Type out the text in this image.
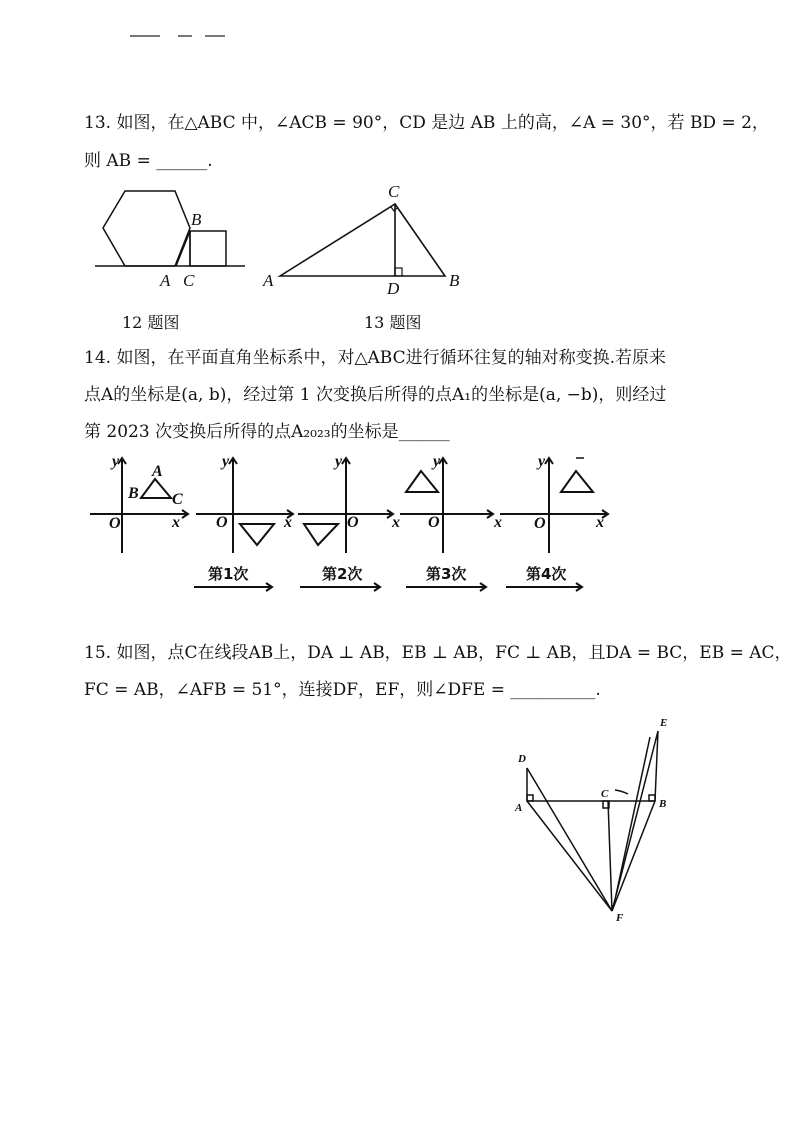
13. 如图，在△ABC 中，∠ACB = 90°，CD 是边 AB 上的高，∠A = 30°，若 BD = 2，
则 AB = ______.
B
A C
12 题图
C
A	D	B
13 题图
14. 如图，在平面直角坐标系中，对△ABC进行循环往复的轴对称变换.若原来
点A的坐标是(a, b)，经过第 1 次变换后所得的点A₁的坐标是(a, −b)，则经过
第 2023 次变换后所得的点A₂₀₂₃的坐标是______
y	y	y	y	y
x	x	x	x	x
O	O	O	O	O
A
B C
第1次	第2次	第3次	第4次
15. 如图，点C在线段AB上，DA ⊥ AB，EB ⊥ AB，FC ⊥ AB，且DA = BC，EB = AC，
FC = AB，∠AFB = 51°，连接DF，EF，则∠DFE = __________.
D
E
A
C
B
F
